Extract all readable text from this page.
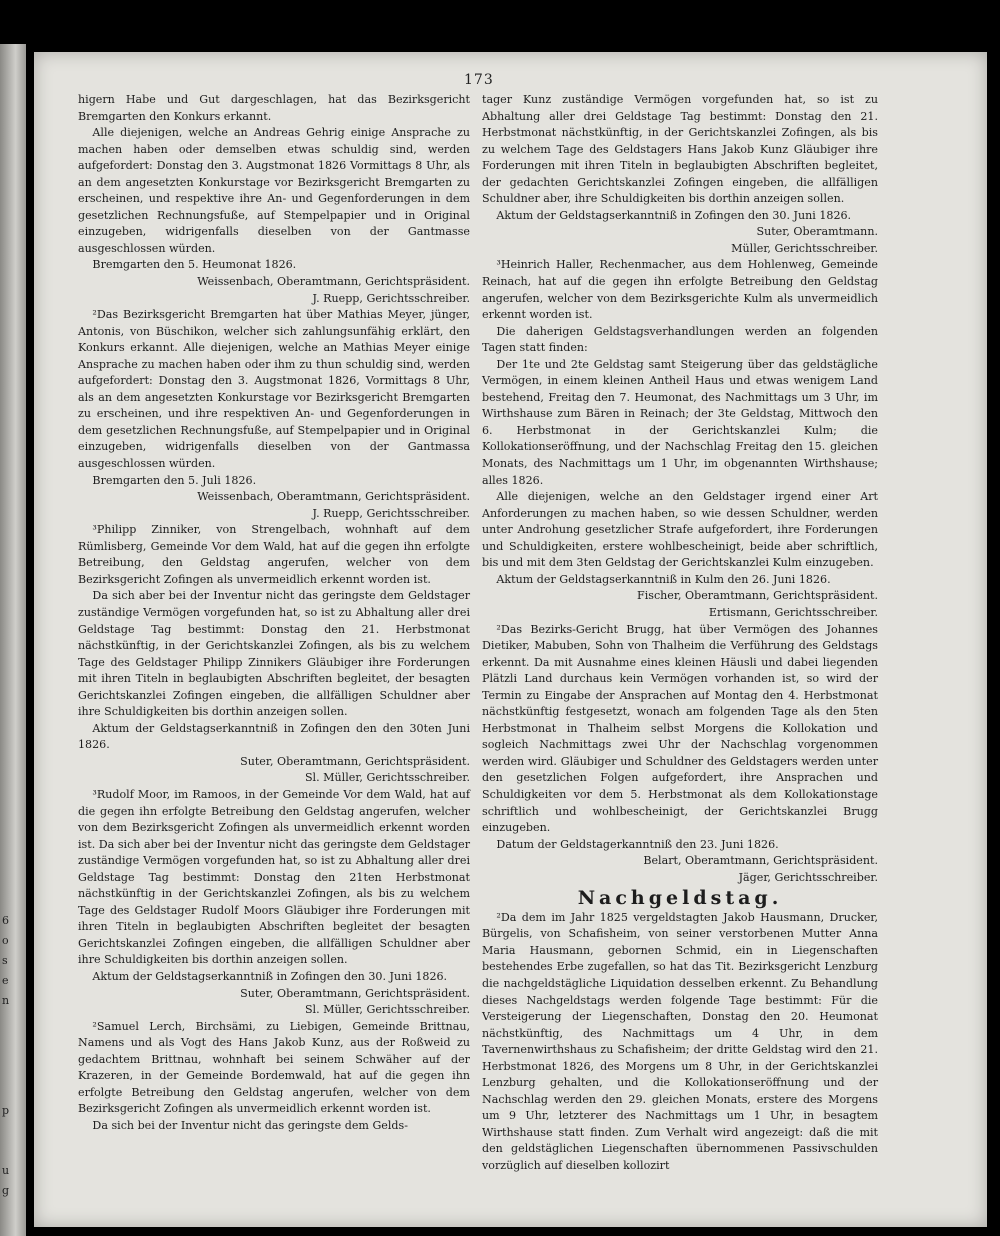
p
6
o
s
e
n
u
g
173

higern Habe und Gut dargeschlagen, hat das Bezirksgericht Bremgarten den Konkurs erkannt.

Alle diejenigen, welche an Andreas Gehrig einige Ansprache zu machen haben oder demselben etwas schuldig sind, werden aufgefordert: Donstag den 3. Augstmonat 1826 Vormittags 8 Uhr, als an dem angesetzten Konkurstage vor Bezirksgericht Bremgarten zu erscheinen, und respektive ihre An- und Gegenforderungen in dem gesetzlichen Rechnungsfuße, auf Stempelpapier und in Original einzugeben, widrigenfalls dieselben von der Gantmasse ausgeschlossen würden.

Bremgarten den 5. Heumonat 1826.

Weissenbach, Oberamtmann, Gerichtspräsident.

J. Ruepp, Gerichtsschreiber.

²Das Bezirksgericht Bremgarten hat über Mathias Meyer, jünger, Antonis, von Büschikon, welcher sich zahlungsunfähig erklärt, den Konkurs erkannt. Alle diejenigen, welche an Mathias Meyer einige Ansprache zu machen haben oder ihm zu thun schuldig sind, werden aufgefordert: Donstag den 3. Augstmonat 1826, Vormittags 8 Uhr, als an dem angesetzten Konkurstage vor Bezirksgericht Bremgarten zu erscheinen, und ihre respektiven An- und Gegenforderungen in dem gesetzlichen Rechnungsfuße, auf Stempelpapier und in Original einzugeben, widrigenfalls dieselben von der Gantmassa ausgeschlossen würden.

Bremgarten den 5. Juli 1826.

Weissenbach, Oberamtmann, Gerichtspräsident.

J. Ruepp, Gerichtsschreiber.

³Philipp Zinniker, von Strengelbach, wohnhaft auf dem Rümlisberg, Gemeinde Vor dem Wald, hat auf die gegen ihn erfolgte Betreibung, den Geldstag angerufen, welcher von dem Bezirksgericht Zofingen als unvermeidlich erkennt worden ist.

Da sich aber bei der Inventur nicht das geringste dem Geldstager zuständige Vermögen vorgefunden hat, so ist zu Abhaltung aller drei Geldstage Tag bestimmt: Donstag den 21. Herbstmonat nächstkünftig, in der Gerichtskanzlei Zofingen, als bis zu welchem Tage des Geldstager Philipp Zinnikers Gläubiger ihre Forderungen mit ihren Titeln in beglaubigten Abschriften begleitet, der besagten Gerichtskanzlei Zofingen eingeben, die allfälligen Schuldner aber ihre Schuldigkeiten bis dorthin anzeigen sollen.

Aktum der Geldstagserkanntniß in Zofingen den den 30ten Juni 1826.

Suter, Oberamtmann, Gerichtspräsident.

Sl. Müller, Gerichtsschreiber.

³Rudolf Moor, im Ramoos, in der Gemeinde Vor dem Wald, hat auf die gegen ihn erfolgte Betreibung den Geldstag angerufen, welcher von dem Bezirksgericht Zofingen als unvermeidlich erkennt worden ist. Da sich aber bei der Inventur nicht das geringste dem Geldstager zuständige Vermögen vorgefunden hat, so ist zu Abhaltung aller drei Geldstage Tag bestimmt: Donstag den 21ten Herbstmonat nächstkünftig in der Gerichtskanzlei Zofingen, als bis zu welchem Tage des Geldstager Rudolf Moors Gläubiger ihre Forderungen mit ihren Titeln in beglaubigten Abschriften begleitet der besagten Gerichtskanzlei Zofingen eingeben, die allfälligen Schuldner aber ihre Schuldigkeiten bis dorthin anzeigen sollen.

Aktum der Geldstagserkanntniß in Zofingen den 30. Juni 1826.

Suter, Oberamtmann, Gerichtspräsident.

Sl. Müller, Gerichtsschreiber.

²Samuel Lerch, Birchsämi, zu Liebigen, Gemeinde Brittnau, Namens und als Vogt des Hans Jakob Kunz, aus der Roßweid zu gedachtem Brittnau, wohnhaft bei seinem Schwäher auf der Krazeren, in der Gemeinde Bordemwald, hat auf die gegen ihn erfolgte Betreibung den Geldstag angerufen, welcher von dem Bezirksgericht Zofingen als unvermeidlich erkennt worden ist.

Da sich bei der Inventur nicht das geringste dem Gelds-

tager Kunz zuständige Vermögen vorgefunden hat, so ist zu Abhaltung aller drei Geldstage Tag bestimmt: Donstag den 21. Herbstmonat nächstkünftig, in der Gerichtskanzlei Zofingen, als bis zu welchem Tage des Geldstagers Hans Jakob Kunz Gläubiger ihre Forderungen mit ihren Titeln in beglaubigten Abschriften begleitet, der gedachten Gerichtskanzlei Zofingen eingeben, die allfälligen Schuldner aber, ihre Schuldigkeiten bis dorthin anzeigen sollen.

Aktum der Geldstagserkanntniß in Zofingen den 30. Juni 1826.

Suter, Oberamtmann.

Müller, Gerichtsschreiber.

³Heinrich Haller, Rechenmacher, aus dem Hohlenweg, Gemeinde Reinach, hat auf die gegen ihn erfolgte Betreibung den Geldstag angerufen, welcher von dem Bezirksgerichte Kulm als unvermeidlich erkennt worden ist.

Die daherigen Geldstagsverhandlungen werden an folgenden Tagen statt finden:

Der 1te und 2te Geldstag samt Steigerung über das geldstägliche Vermögen, in einem kleinen Antheil Haus und etwas wenigem Land bestehend, Freitag den 7. Heumonat, des Nachmittags um 3 Uhr, im Wirthshause zum Bären in Reinach; der 3te Geldstag, Mittwoch den 6. Herbstmonat in der Gerichtskanzlei Kulm; die Kollokationseröffnung, und der Nachschlag Freitag den 15. gleichen Monats, des Nachmittags um 1 Uhr, im obgenannten Wirthshause; alles 1826.

Alle diejenigen, welche an den Geldstager irgend einer Art Anforderungen zu machen haben, so wie dessen Schuldner, werden unter Androhung gesetzlicher Strafe aufgefordert, ihre Forderungen und Schuldigkeiten, erstere wohlbescheinigt, beide aber schriftlich, bis und mit dem 3ten Geldstag der Gerichtskanzlei Kulm einzugeben.

Aktum der Geldstagserkanntniß in Kulm den 26. Juni 1826.

Fischer, Oberamtmann, Gerichtspräsident.

Ertismann, Gerichtsschreiber.

²Das Bezirks-Gericht Brugg, hat über Vermögen des Johannes Dietiker, Mabuben, Sohn von Thalheim die Verführung des Geldstags erkennt. Da mit Ausnahme eines kleinen Häusli und dabei liegenden Plätzli Land durchaus kein Vermögen vorhanden ist, so wird der Termin zu Eingabe der Ansprachen auf Montag den 4. Herbstmonat nächstkünftig festgesetzt, wonach am folgenden Tage als den 5ten Herbstmonat in Thalheim selbst Morgens die Kollokation und sogleich Nachmittags zwei Uhr der Nachschlag vorgenommen werden wird. Gläubiger und Schuldner des Geldstagers werden unter den gesetzlichen Folgen aufgefordert, ihre Ansprachen und Schuldigkeiten vor dem 5. Herbstmonat als dem Kollokationstage schriftlich und wohlbescheinigt, der Gerichtskanzlei Brugg einzugeben.

Datum der Geldstagerkanntniß den 23. Juni 1826.

Belart, Oberamtmann, Gerichtspräsident.

Jäger, Gerichtsschreiber.

Nachgeldstag.

²Da dem im Jahr 1825 vergeldstagten Jakob Hausmann, Drucker, Bürgelis, von Schafisheim, von seiner verstorbenen Mutter Anna Maria Hausmann, gebornen Schmid, ein in Liegenschaften bestehendes Erbe zugefallen, so hat das Tit. Bezirksgericht Lenzburg die nachgeldstägliche Liquidation desselben erkennt. Zu Behandlung dieses Nachgeldstags werden folgende Tage bestimmt: Für die Versteigerung der Liegenschaften, Donstag den 20. Heumonat nächstkünftig, des Nachmittags um 4 Uhr, in dem Tavernenwirthshaus zu Schafisheim; der dritte Geldstag wird den 21. Herbstmonat 1826, des Morgens um 8 Uhr, in der Gerichtskanzlei Lenzburg gehalten, und die Kollokationseröffnung und der Nachschlag werden den 29. gleichen Monats, erstere des Morgens um 9 Uhr, letzterer des Nachmittags um 1 Uhr, in besagtem Wirthshause statt finden. Zum Verhalt wird angezeigt: daß die mit den geldstäglichen Liegenschaften übernommenen Passivschulden vorzüglich auf dieselben kollozirt
